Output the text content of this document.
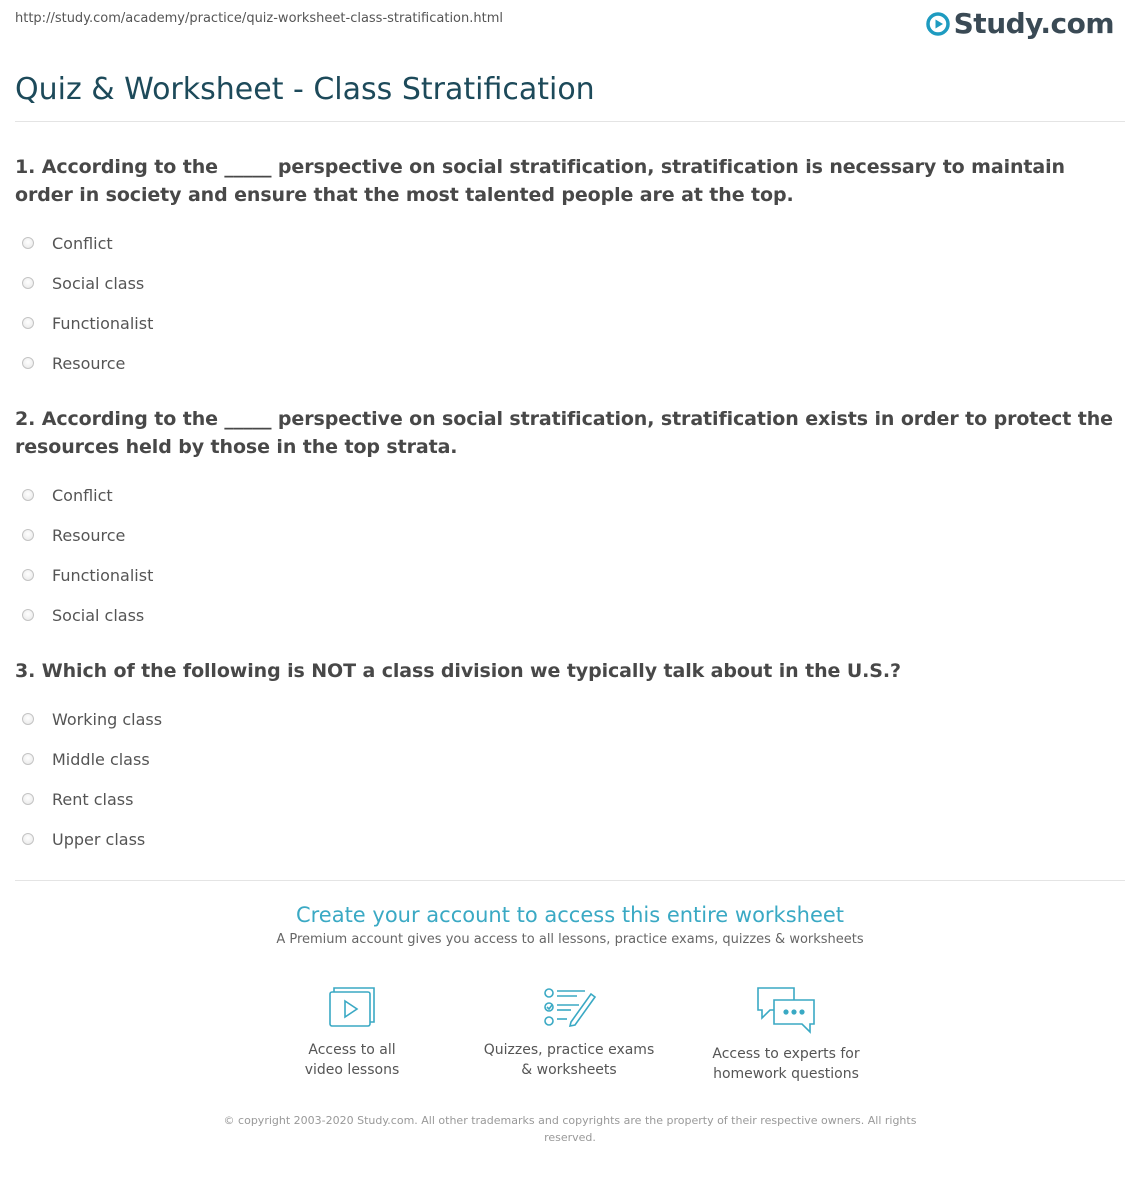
http://study.com/academy/practice/quiz-worksheet-class-stratification.html	Study.com
Quiz & Worksheet - Class Stratification

1. According to the _____ perspective on social stratification, stratification is necessary to maintain order in society and ensure that the most talented people are at the top.

Conflict
Social class
Functionalist
Resource

2. According to the _____ perspective on social stratification, stratification exists in order to protect the resources held by those in the top strata.

Conflict
Resource
Functionalist
Social class

3. Which of the following is NOT a class division we typically talk about in the U.S.?

Working class
Middle class
Rent class
Upper class
Create your account to access this entire worksheet

A Premium account gives you access to all lessons, practice exams, quizzes & worksheets

Access to all
video lessons
Quizzes, practice exams
& worksheets
Access to experts for
homework questions
© copyright 2003-2020 Study.com. All other trademarks and copyrights are the property of their respective owners. All rights reserved.
